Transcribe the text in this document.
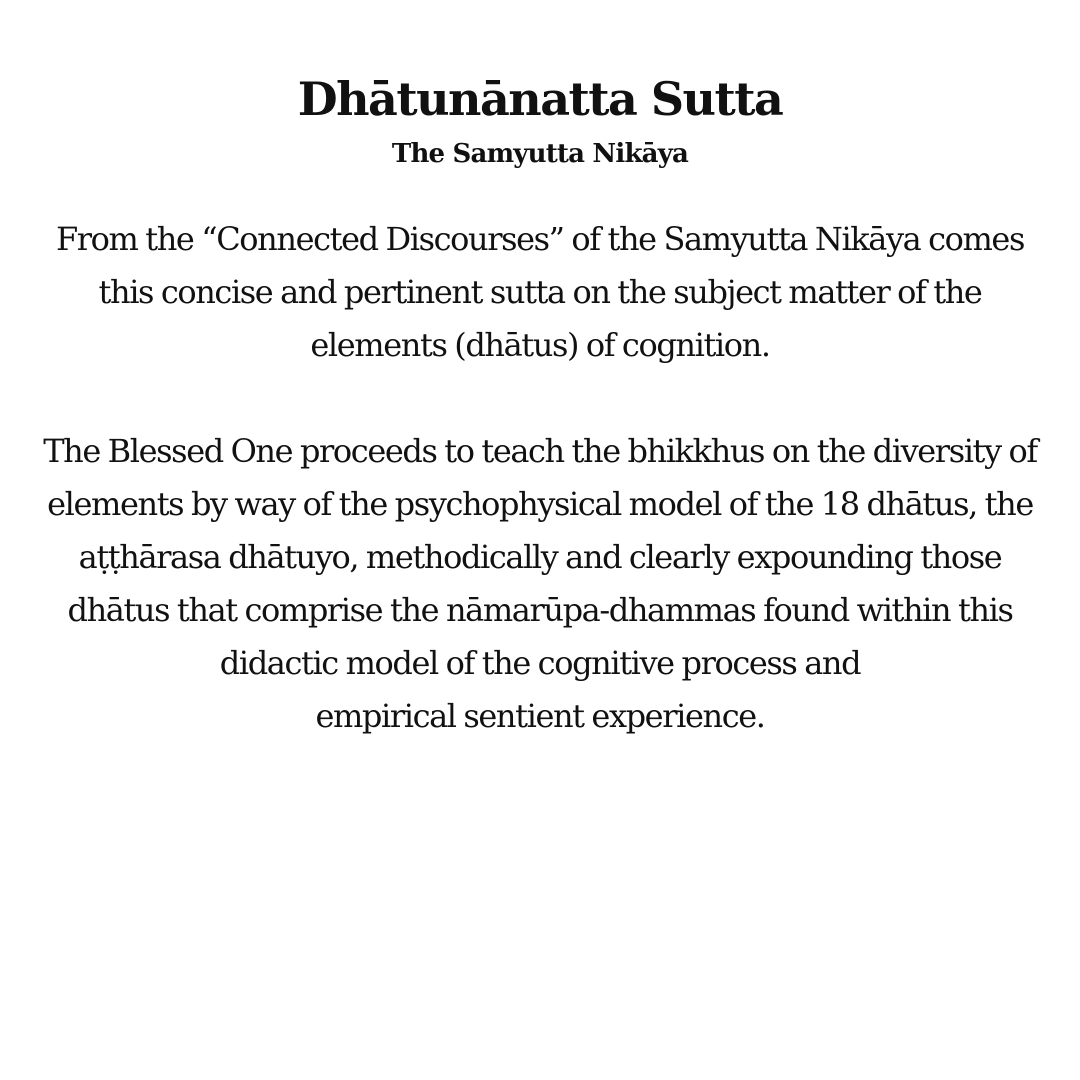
Dhātunānatta Sutta
The Samyutta Nikāya

From the “Connected Discourses” of the Samyutta Nikāya comes
this concise and pertinent sutta on the subject matter of the
elements (dhātus) of cognition.

The Blessed One proceeds to teach the bhikkhus on the diversity of
elements by way of the psychophysical model of the 18 dhātus, the
aṭṭhārasa dhātuyo, methodically and clearly expounding those
dhātus that comprise the nāmarūpa-dhammas found within this
didactic model of the cognitive process and
empirical sentient experience.
